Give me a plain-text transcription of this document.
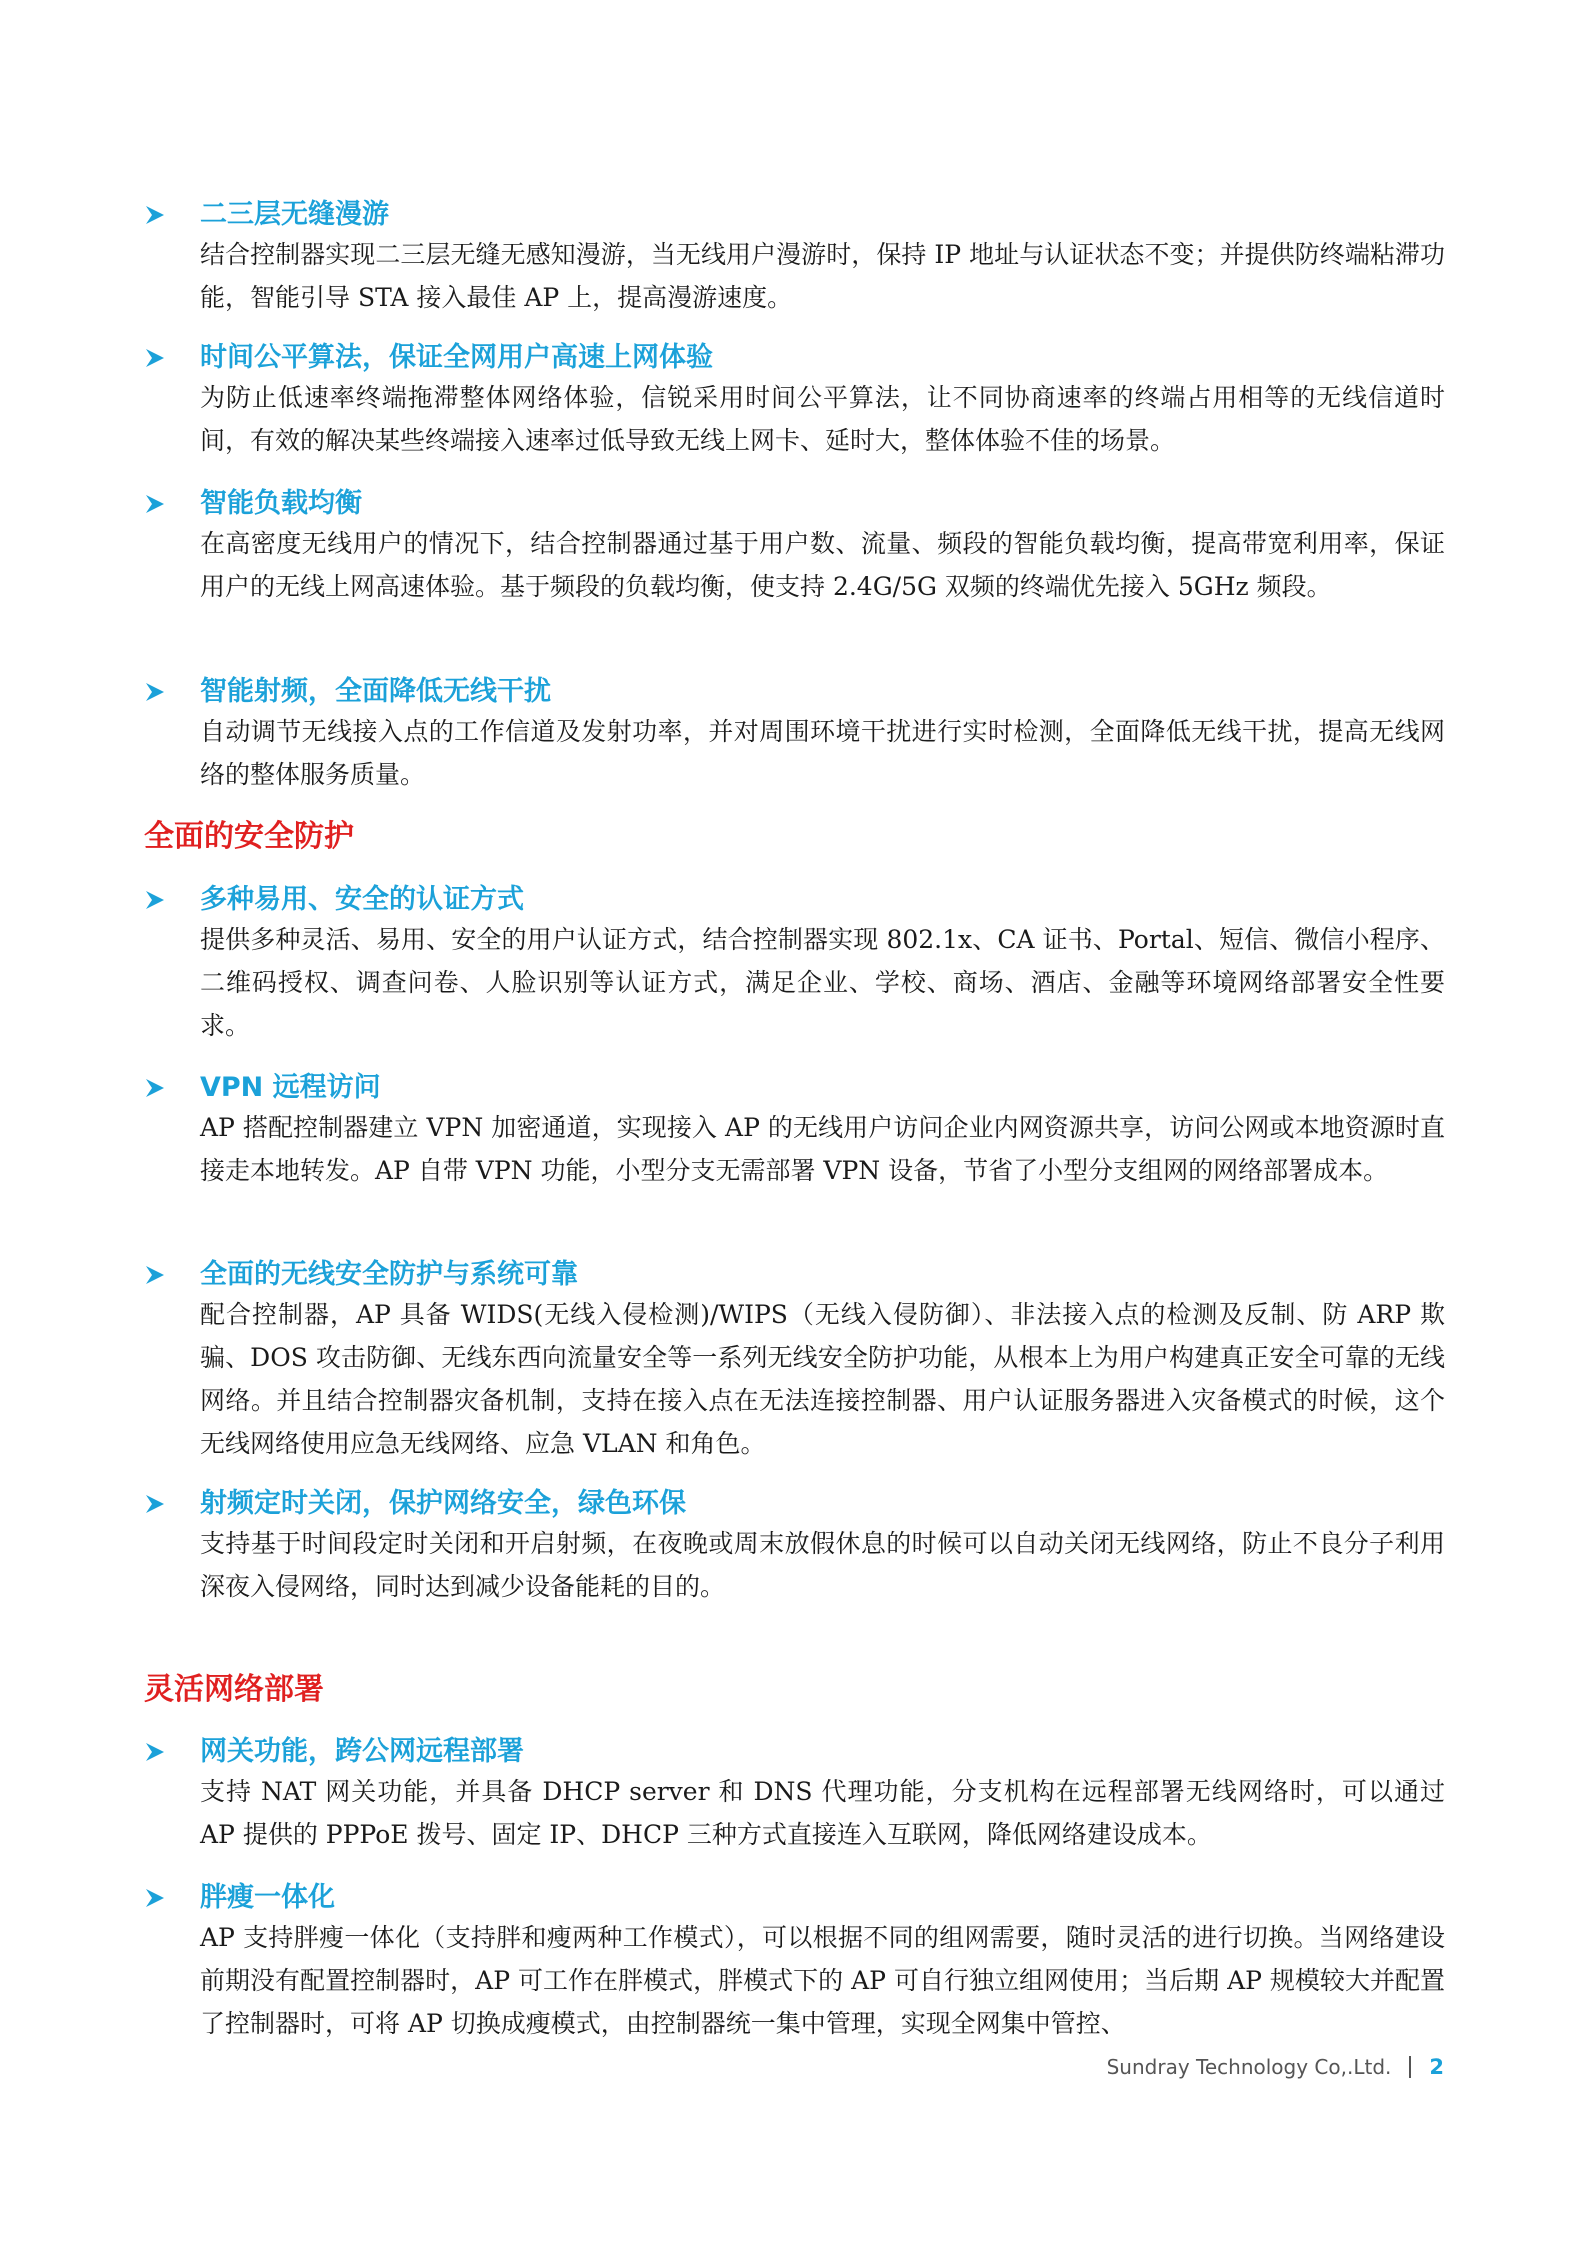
二三层无缝漫游
结合控制器实现二三层无缝无感知漫游，当无线用户漫游时，保持 IP 地址与认证状态不变；并提供防终端粘滞功能，智能引导 STA 接入最佳 AP 上，提高漫游速度。
时间公平算法，保证全网用户高速上网体验
为防止低速率终端拖滞整体网络体验，信锐采用时间公平算法，让不同协商速率的终端占用相等的无线信道时间，有效的解决某些终端接入速率过低导致无线上网卡、延时大，整体体验不佳的场景。
智能负载均衡
在高密度无线用户的情况下，结合控制器通过基于用户数、流量、频段的智能负载均衡，提高带宽利用率，保证用户的无线上网高速体验。基于频段的负载均衡，使支持 2.4G/5G 双频的终端优先接入 5GHz 频段。
智能射频，全面降低无线干扰
自动调节无线接入点的工作信道及发射功率，并对周围环境干扰进行实时检测，全面降低无线干扰，提高无线网络的整体服务质量。
全面的安全防护
多种易用、安全的认证方式
提供多种灵活、易用、安全的用户认证方式，结合控制器实现 802.1x、CA 证书、Portal、短信、微信小程序、二维码授权、调查问卷、人脸识别等认证方式，满足企业、学校、商场、酒店、金融等环境网络部署安全性要求。
VPN 远程访问
AP 搭配控制器建立 VPN 加密通道，实现接入 AP 的无线用户访问企业内网资源共享，访问公网或本地资源时直接走本地转发。AP 自带 VPN 功能，小型分支无需部署 VPN 设备，节省了小型分支组网的网络部署成本。
全面的无线安全防护与系统可靠
配合控制器，AP 具备 WIDS(无线入侵检测)/WIPS（无线入侵防御）、非法接入点的检测及反制、防 ARP 欺骗、DOS 攻击防御、无线东西向流量安全等一系列无线安全防护功能，从根本上为用户构建真正安全可靠的无线网络。并且结合控制器灾备机制，支持在接入点在无法连接控制器、用户认证服务器进入灾备模式的时候，这个无线网络使用应急无线网络、应急 VLAN 和角色。
射频定时关闭，保护网络安全，绿色环保
支持基于时间段定时关闭和开启射频，在夜晚或周末放假休息的时候可以自动关闭无线网络，防止不良分子利用深夜入侵网络，同时达到减少设备能耗的目的。
灵活网络部署
网关功能，跨公网远程部署
支持 NAT 网关功能，并具备 DHCP server 和 DNS 代理功能，分支机构在远程部署无线网络时，可以通过 AP 提供的 PPPoE 拨号、固定 IP、DHCP 三种方式直接连入互联网，降低网络建设成本。
胖瘦一体化
AP 支持胖瘦一体化（支持胖和瘦两种工作模式），可以根据不同的组网需要，随时灵活的进行切换。当网络建设前期没有配置控制器时，AP 可工作在胖模式，胖模式下的 AP 可自行独立组网使用；当后期 AP 规模较大并配置了控制器时，可将 AP 切换成瘦模式，由控制器统一集中管理，实现全网集中管控、
Sundray Technology Co,.Ltd. 2
